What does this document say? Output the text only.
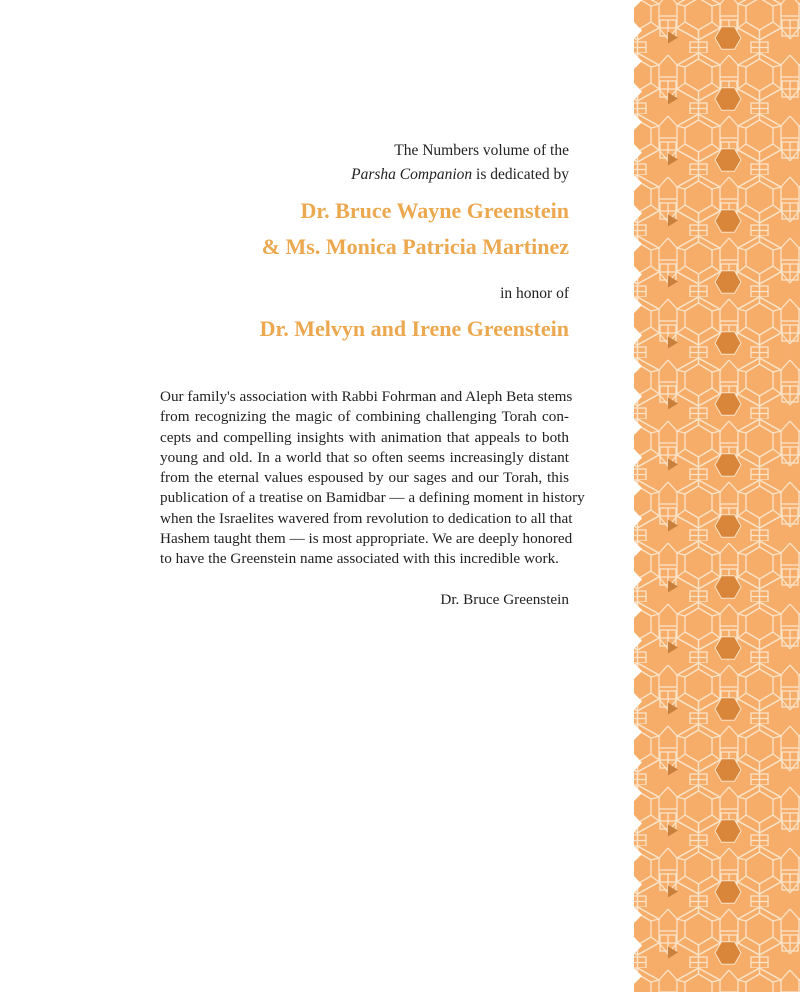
The Numbers volume of the
Parsha Companion is dedicated by
Dr. Bruce Wayne Greenstein
& Ms. Monica Patricia Martinez
in honor of
Dr. Melvyn and Irene Greenstein
Our family's association with Rabbi Fohrman and Aleph Beta stems
from recognizing the magic of combining challenging Torah con-
cepts and compelling insights with animation that appeals to both
young and old. In a world that so often seems increasingly distant
from the eternal values espoused by our sages and our Torah, this
publication of a treatise on Bamidbar — a defining moment in history
when the Israelites wavered from revolution to dedication to all that
Hashem taught them — is most appropriate. We are deeply honored
to have the Greenstein name associated with this incredible work.
Dr. Bruce Greenstein
